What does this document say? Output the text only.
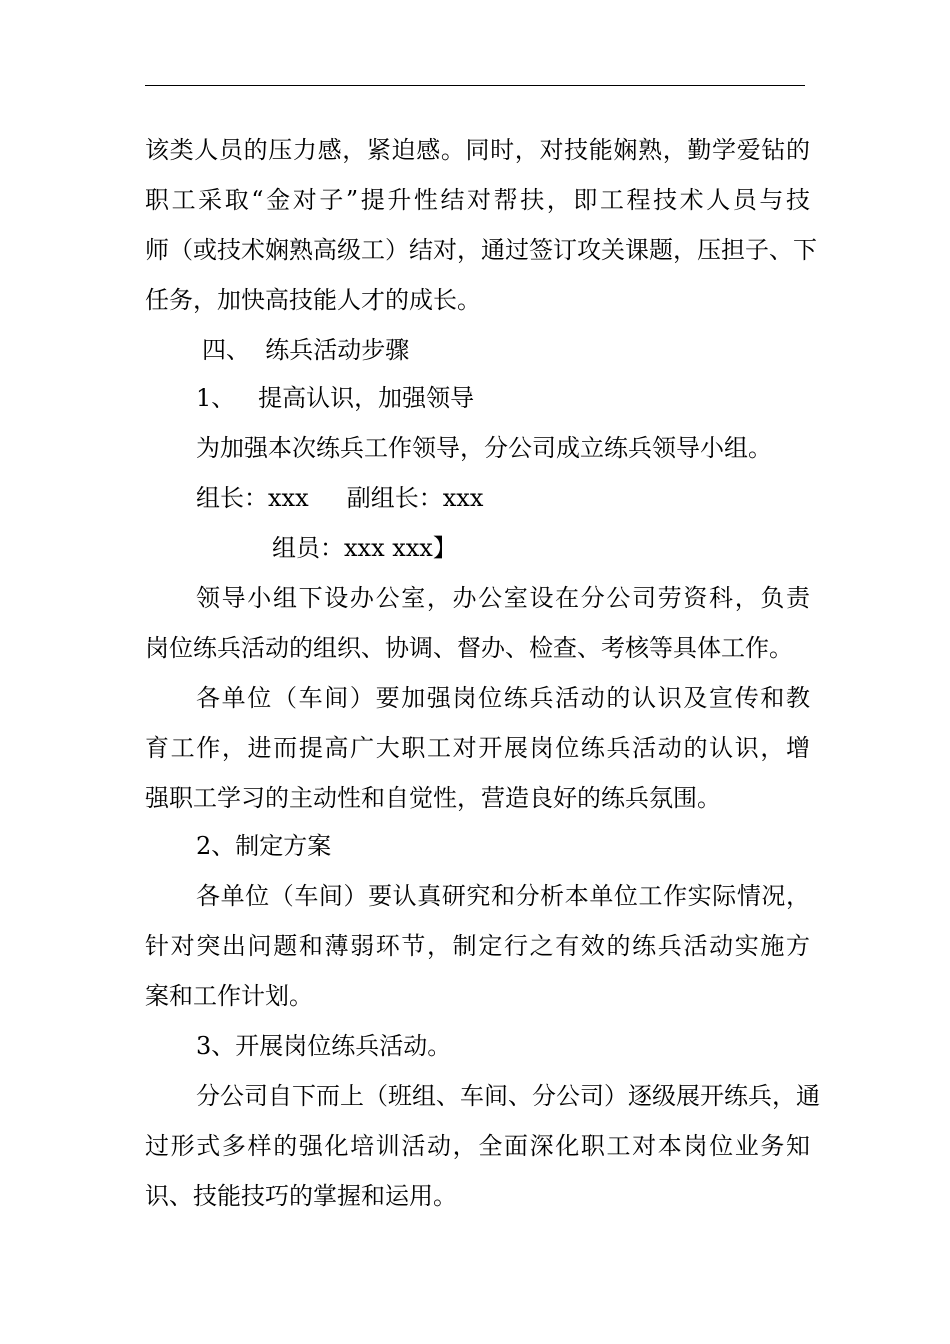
该类人员的压力感，紧迫感。同时，对技能娴熟，勤学爱钻的
职工采取“金对子”提升性结对帮扶，即工程技术人员与技
师（或技术娴熟高级工）结对，通过签订攻关课题，压担子、下
任务，加快高技能人才的成长。
四、  练兵活动步骤
1、   提高认识，加强领导
为加强本次练兵工作领导，分公司成立练兵领导小组。
组长：xxx     副组长：xxx
组员：xxx xxx】
领导小组下设办公室，办公室设在分公司劳资科，负责
岗位练兵活动的组织、协调、督办、检查、考核等具体工作。
各单位（车间）要加强岗位练兵活动的认识及宣传和教
育工作，进而提高广大职工对开展岗位练兵活动的认识，增
强职工学习的主动性和自觉性，营造良好的练兵氛围。
2、制定方案
各单位（车间）要认真研究和分析本单位工作实际情况，
针对突出问题和薄弱环节，制定行之有效的练兵活动实施方
案和工作计划。
3、开展岗位练兵活动。
分公司自下而上（班组、车间、分公司）逐级展开练兵，通
过形式多样的强化培训活动，全面深化职工对本岗位业务知
识、技能技巧的掌握和运用。
